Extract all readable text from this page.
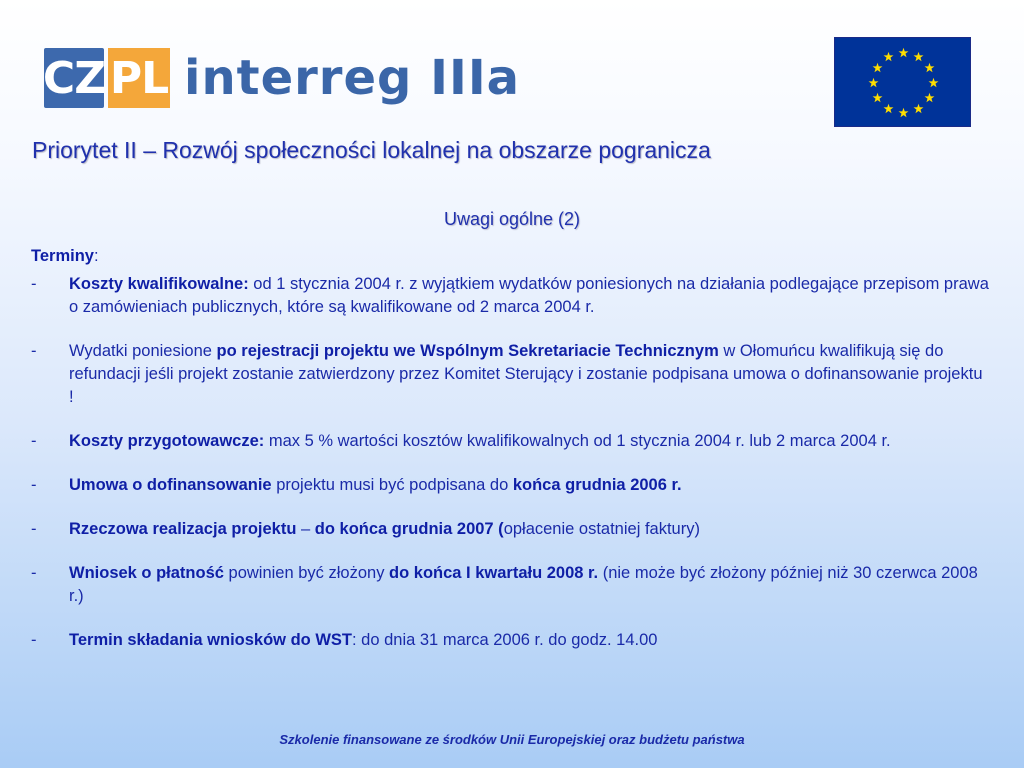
CZ PL interreg IIIa
Priorytet II – Rozwój społeczności lokalnej na obszarze pogranicza
Uwagi ogólne (2)
Terminy:
-	Koszty kwalifikowalne: od 1 stycznia 2004 r. z wyjątkiem wydatków poniesionych na działania podlegające przepisom prawa o zamówieniach publicznych, które są kwalifikowane od 2 marca 2004 r.
-	Wydatki poniesione po rejestracji projektu we Wspólnym Sekretariacie Technicznym w Ołomuńcu kwalifikują się do refundacji jeśli projekt zostanie zatwierdzony przez Komitet Sterujący i zostanie podpisana umowa o dofinansowanie projektu !
-	Koszty przygotowawcze: max 5 % wartości kosztów kwalifikowalnych od 1 stycznia 2004 r. lub 2 marca 2004 r.
-	Umowa o dofinansowanie projektu musi być podpisana do końca grudnia 2006 r.
-	Rzeczowa realizacja projektu – do końca grudnia 2007 (opłacenie ostatniej faktury)
-	Wniosek o płatność powinien być złożony do końca I kwartału 2008 r. (nie może być złożony później niż 30 czerwca 2008 r.)
-	Termin składania wniosków do WST: do dnia 31 marca 2006 r. do godz. 14.00
Szkolenie finansowane ze środków Unii Europejskiej oraz budżetu państwa
